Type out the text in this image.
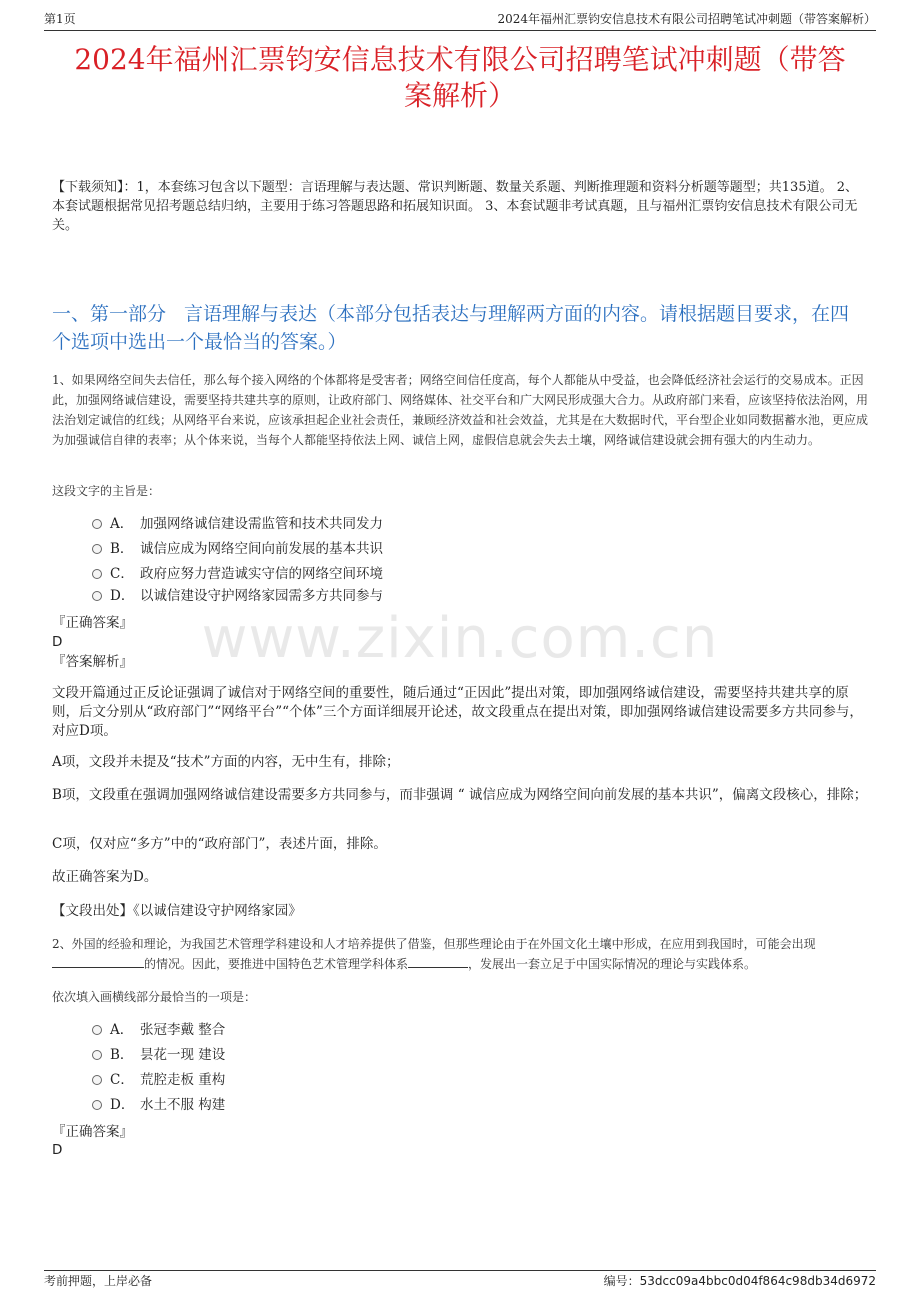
第1页	2024年福州汇票钧安信息技术有限公司招聘笔试冲刺题（带答案解析）
2024年福州汇票钧安信息技术有限公司招聘笔试冲刺题（带答
案解析）
【下载须知】：1，本套练习包含以下题型：言语理解与表达题、常识判断题、数量关系题、判断推理题和资料分析题等题型；共135道。 2、本套试题根据常见招考题总结归纳，主要用于练习答题思路和拓展知识面。 3、本套试题非考试真题，且与福州汇票钧安信息技术有限公司无关。
一、第一部分 言语理解与表达（本部分包括表达与理解两方面的内容。请根据题目要求，在四个选项中选出一个最恰当的答案。）
1、如果网络空间失去信任，那么每个接入网络的个体都将是受害者；网络空间信任度高，每个人都能从中受益，也会降低经济社会运行的交易成本。正因此，加强网络诚信建设，需要坚持共建共享的原则，让政府部门、网络媒体、社交平台和广大网民形成强大合力。从政府部门来看，应该坚持依法治网，用法治划定诚信的红线；从网络平台来说，应该承担起企业社会责任，兼顾经济效益和社会效益，尤其是在大数据时代，平台型企业如同数据蓄水池，更应成为加强诚信自律的表率；从个体来说，当每个人都能坚持依法上网、诚信上网，虚假信息就会失去土壤，网络诚信建设就会拥有强大的内生动力。
这段文字的主旨是：
A． 加强网络诚信建设需监管和技术共同发力
B． 诚信应成为网络空间向前发展的基本共识
C． 政府应努力营造诚实守信的网络空间环境
D． 以诚信建设守护网络家园需多方共同参与
www.zixin.com.cn
『正确答案』
D
『答案解析』
文段开篇通过正反论证强调了诚信对于网络空间的重要性，随后通过“正因此”提出对策，即加强网络诚信建设，需要坚持共建共享的原则，后文分别从“政府部门”“网络平台”“个体”三个方面详细展开论述，故文段重点在提出对策，即加强网络诚信建设需要多方共同参与，对应D项。
A项，文段并未提及“技术”方面的内容，无中生有，排除；
B项，文段重在强调加强网络诚信建设需要多方共同参与，而非强调 “ 诚信应成为网络空间向前发展的基本共识”，偏离文段核心，排除；
C项，仅对应“多方”中的“政府部门”，表述片面，排除。
故正确答案为D。
【文段出处】《以诚信建设守护网络家园》
2、外国的经验和理论，为我国艺术管理学科建设和人才培养提供了借鉴，但那些理论由于在外国文化土壤中形成，在应用到我国时，可能会出现的情况。因此，要推进中国特色艺术管理学科体系	，发展出一套立足于中国实际情况的理论与实践体系。
依次填入画横线部分最恰当的一项是：
A． 张冠李戴 整合
B． 昙花一现 建设
C． 荒腔走板 重构
D． 水土不服 构建
『正确答案』
D
考前押题，上岸必备	编号：53dcc09a4bbc0d04f864c98db34d6972
